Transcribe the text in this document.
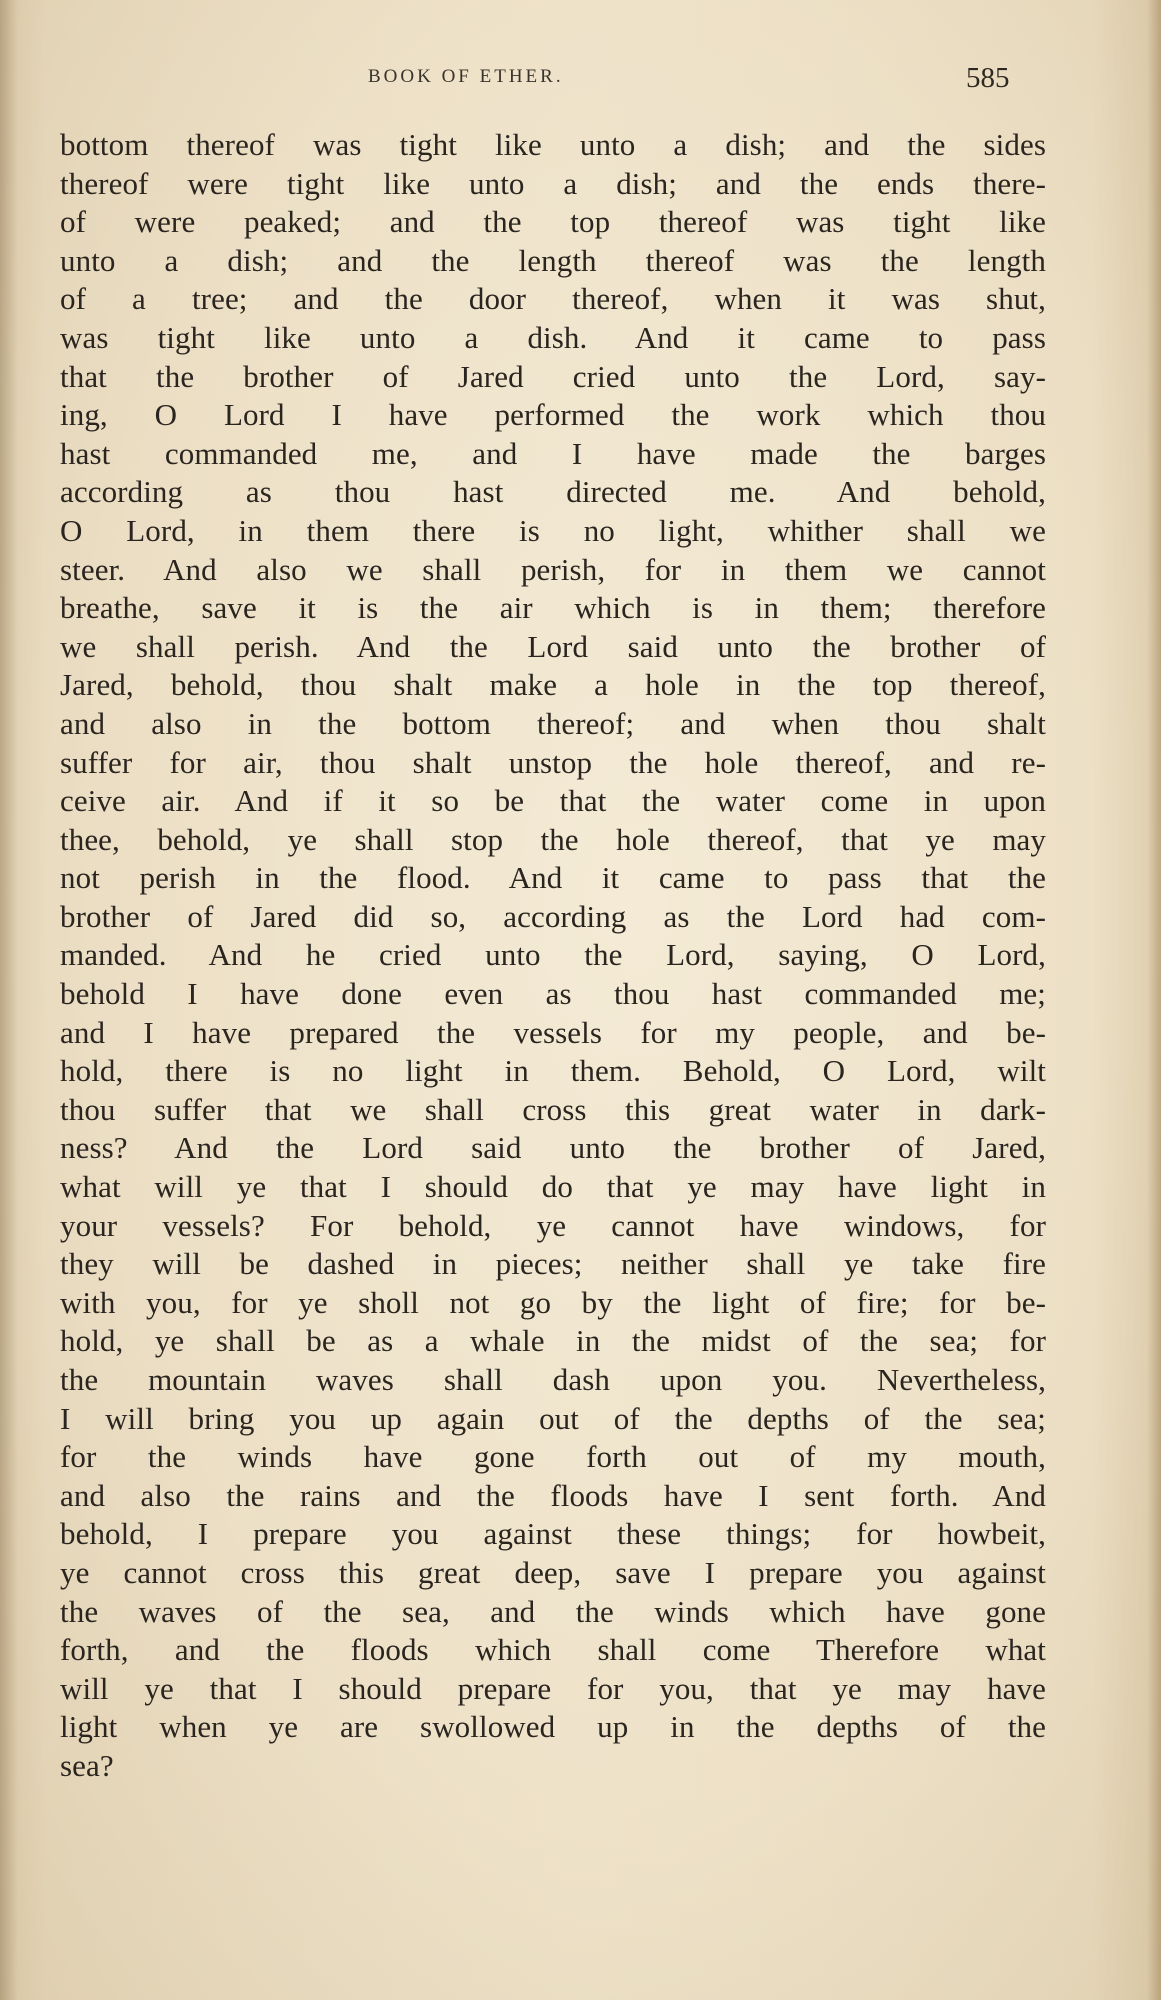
BOOK OF ETHER.	585
bottom thereof was tight like unto a dish; and the sides
thereof were tight like unto a dish; and the ends there-
of were peaked; and the top thereof was tight like
unto a dish; and the length thereof was the length
of a tree; and the door thereof, when it was shut,
was tight like unto a dish. And it came to pass
that the brother of Jared cried unto the Lord, say-
ing, O Lord I have performed the work which thou
hast commanded me, and I have made the barges
according as thou hast directed me. And behold,
O Lord, in them there is no light, whither shall we
steer. And also we shall perish, for in them we cannot
breathe, save it is the air which is in them; therefore
we shall perish. And the Lord said unto the brother of
Jared, behold, thou shalt make a hole in the top thereof,
and also in the bottom thereof; and when thou shalt
suffer for air, thou shalt unstop the hole thereof, and re-
ceive air. And if it so be that the water come in upon
thee, behold, ye shall stop the hole thereof, that ye may
not perish in the flood. And it came to pass that the
brother of Jared did so, according as the Lord had com-
manded. And he cried unto the Lord, saying, O Lord,
behold I have done even as thou hast commanded me;
and I have prepared the vessels for my people, and be-
hold, there is no light in them. Behold, O Lord, wilt
thou suffer that we shall cross this great water in dark-
ness? And the Lord said unto the brother of Jared,
what will ye that I should do that ye may have light in
your vessels? For behold, ye cannot have windows, for
they will be dashed in pieces; neither shall ye take fire
with you, for ye sholl not go by the light of fire; for be-
hold, ye shall be as a whale in the midst of the sea; for
the mountain waves shall dash upon you. Nevertheless,
I will bring you up again out of the depths of the sea;
for the winds have gone forth out of my mouth,
and also the rains and the floods have I sent forth. And
behold, I prepare you against these things; for howbeit,
ye cannot cross this great deep, save I prepare you against
the waves of the sea, and the winds which have gone
forth, and the floods which shall come Therefore what
will ye that I should prepare for you, that ye may have
light when ye are swollowed up in the depths of the
sea?
